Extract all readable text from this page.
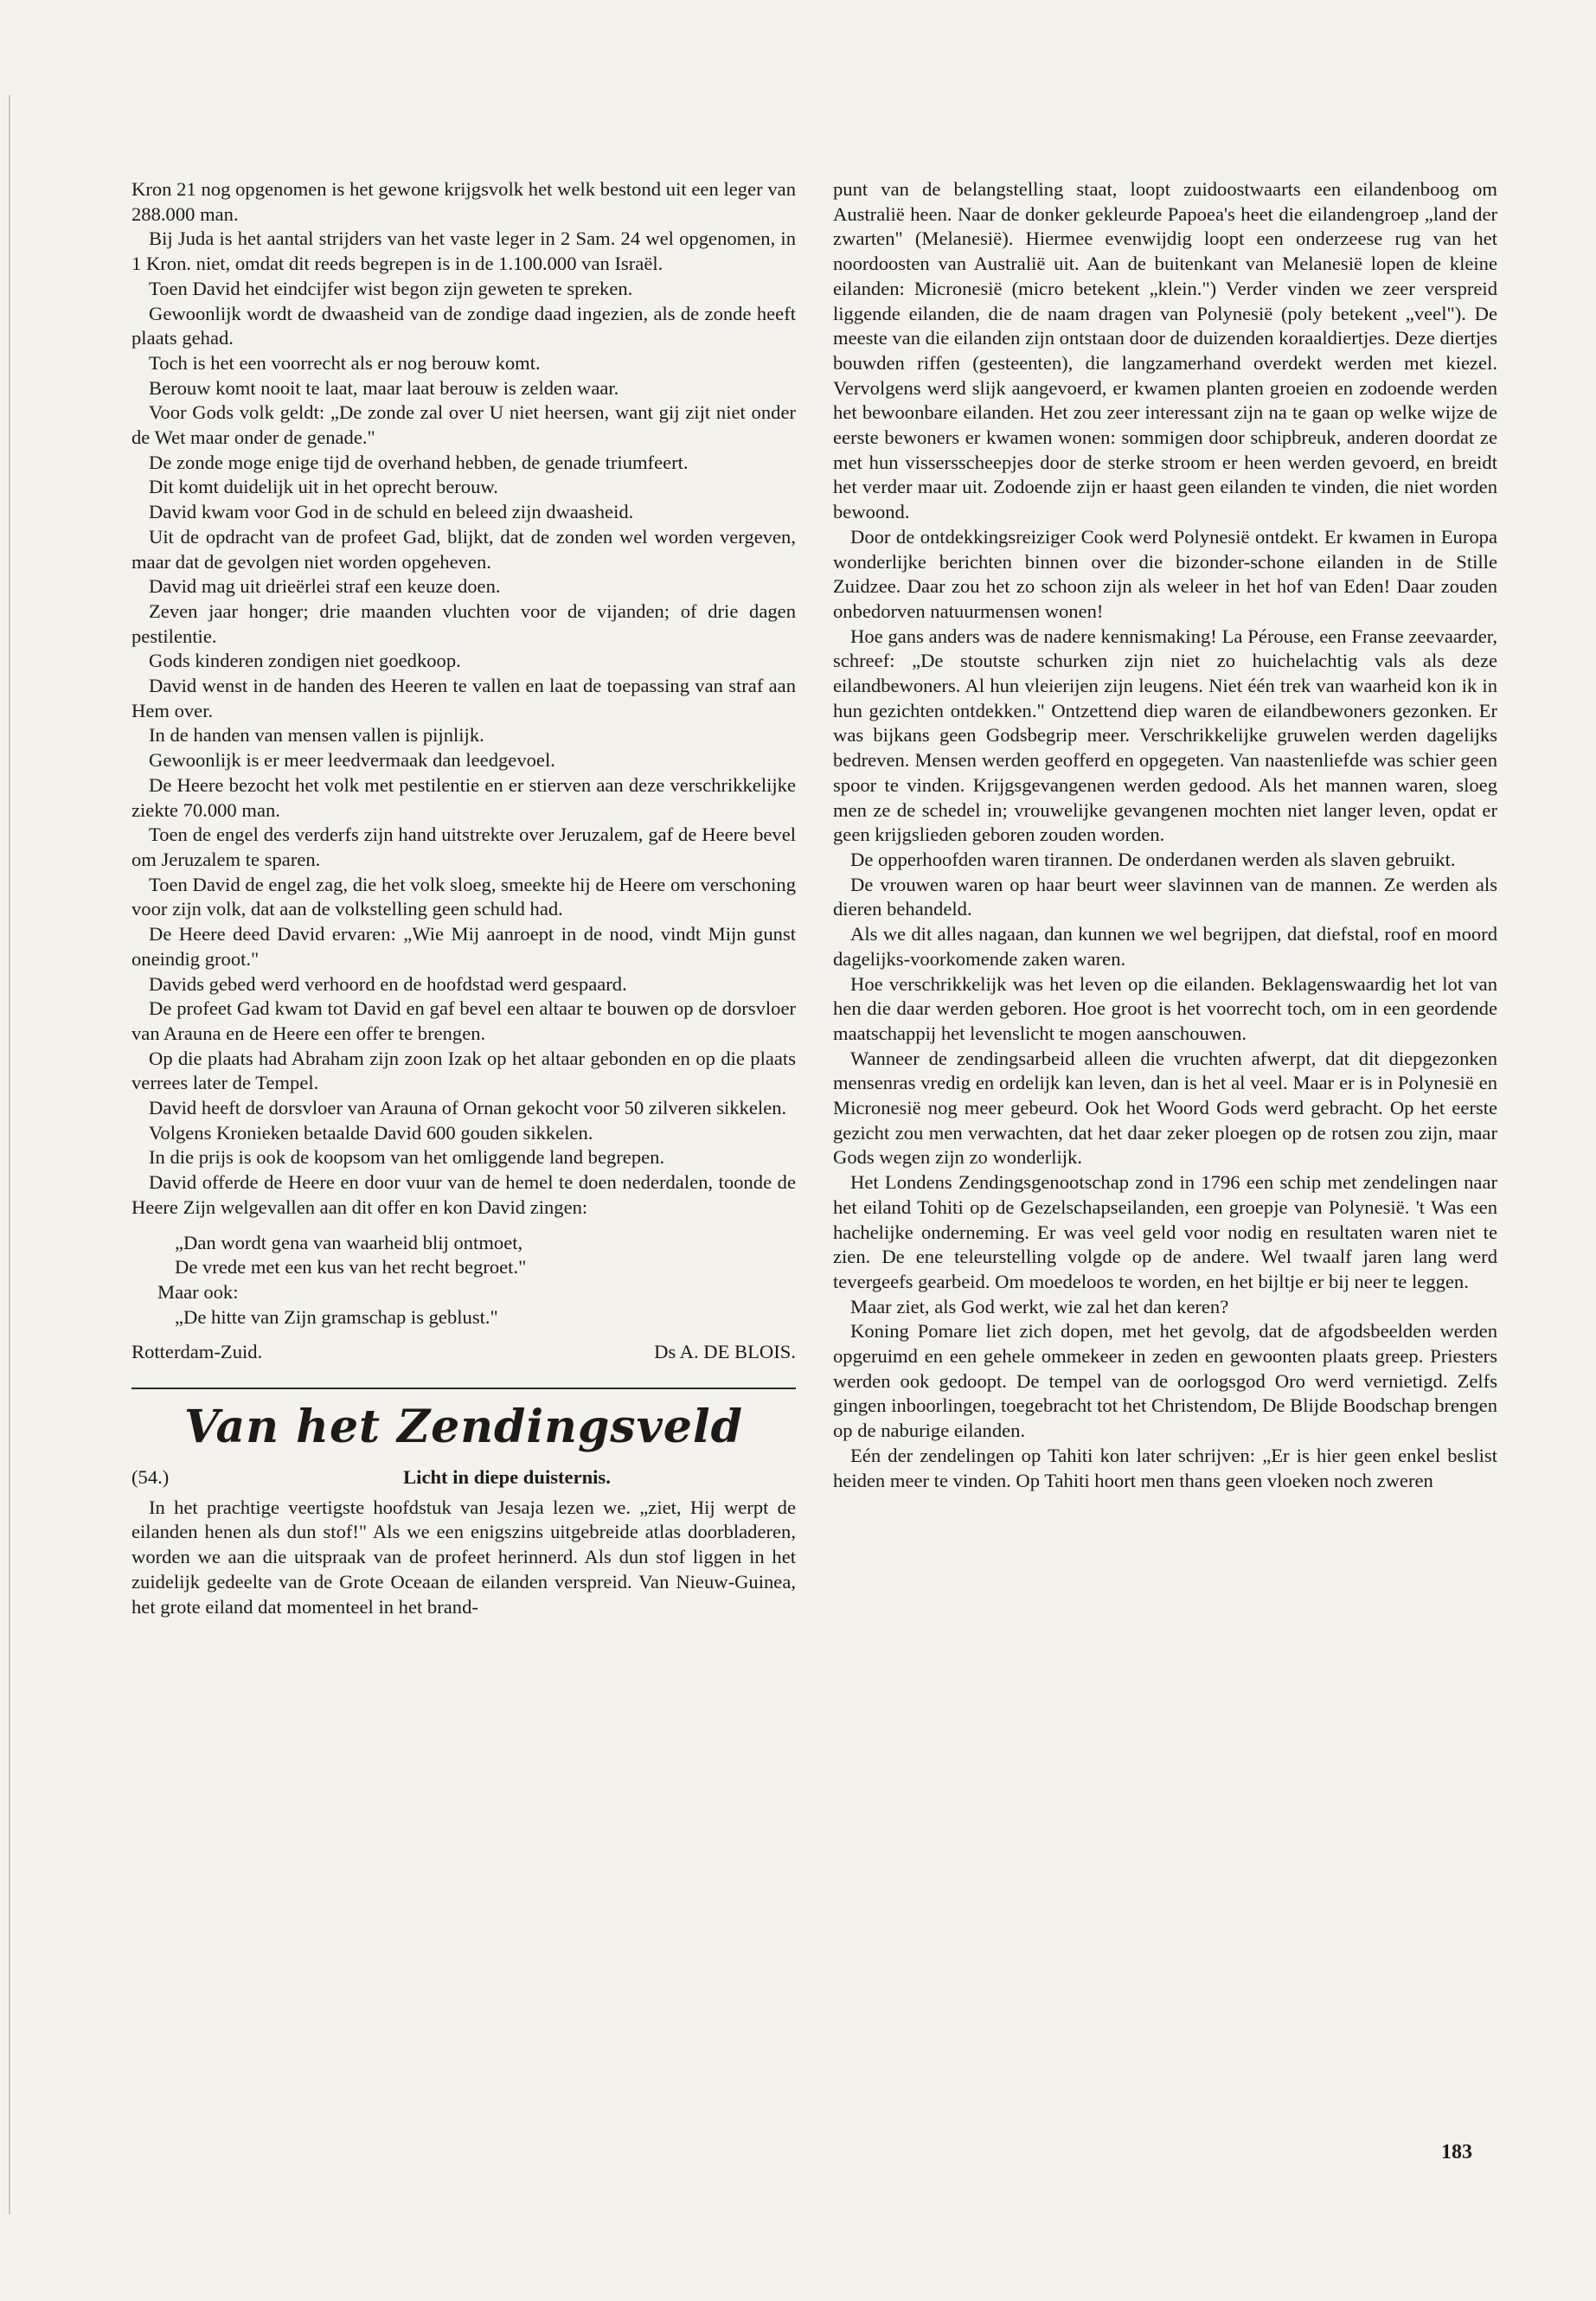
Kron 21 nog opgenomen is het gewone krijgsvolk het welk bestond uit een leger van 288.000 man.

Bij Juda is het aantal strijders van het vaste leger in 2 Sam. 24 wel opgenomen, in 1 Kron. niet, omdat dit reeds begrepen is in de 1.100.000 van Israël.

Toen David het eindcijfer wist begon zijn geweten te spreken.

Gewoonlijk wordt de dwaasheid van de zondige daad ingezien, als de zonde heeft plaats gehad.

Toch is het een voorrecht als er nog berouw komt.

Berouw komt nooit te laat, maar laat berouw is zelden waar.

Voor Gods volk geldt: „De zonde zal over U niet heersen, want gij zijt niet onder de Wet maar onder de genade."

De zonde moge enige tijd de overhand hebben, de genade triumfeert.

Dit komt duidelijk uit in het oprecht berouw.

David kwam voor God in de schuld en beleed zijn dwaasheid.

Uit de opdracht van de profeet Gad, blijkt, dat de zonden wel worden vergeven, maar dat de gevolgen niet worden opgeheven.

David mag uit drieërlei straf een keuze doen.

Zeven jaar honger; drie maanden vluchten voor de vijanden; of drie dagen pestilentie.

Gods kinderen zondigen niet goedkoop.

David wenst in de handen des Heeren te vallen en laat de toepassing van straf aan Hem over.

In de handen van mensen vallen is pijnlijk.

Gewoonlijk is er meer leedvermaak dan leedgevoel.

De Heere bezocht het volk met pestilentie en er stierven aan deze verschrikkelijke ziekte 70.000 man.

Toen de engel des verderfs zijn hand uitstrekte over Jeruzalem, gaf de Heere bevel om Jeruzalem te sparen.

Toen David de engel zag, die het volk sloeg, smeekte hij de Heere om verschoning voor zijn volk, dat aan de volkstelling geen schuld had.

De Heere deed David ervaren: „Wie Mij aanroept in de nood, vindt Mijn gunst oneindig groot."

Davids gebed werd verhoord en de hoofdstad werd gespaard.

De profeet Gad kwam tot David en gaf bevel een altaar te bouwen op de dorsvloer van Arauna en de Heere een offer te brengen.

Op die plaats had Abraham zijn zoon Izak op het altaar gebonden en op die plaats verrees later de Tempel.

David heeft de dorsvloer van Arauna of Ornan gekocht voor 50 zilveren sikkelen.

Volgens Kronieken betaalde David 600 gouden sikkelen.

In die prijs is ook de koopsom van het omliggende land begrepen.

David offerde de Heere en door vuur van de hemel te doen nederdalen, toonde de Heere Zijn welgevallen aan dit offer en kon David zingen:

„Dan wordt gena van waarheid blij ontmoet,

De vrede met een kus van het recht begroet."

Maar ook:

„De hitte van Zijn gramschap is geblust."

Rotterdam-Zuid.	Ds A. DE BLOIS.
Van het Zendingsveld
(54.)	Licht in diepe duisternis.

In het prachtige veertigste hoofdstuk van Jesaja lezen we. „ziet, Hij werpt de eilanden henen als dun stof!" Als we een enigszins uitgebreide atlas doorbladeren, worden we aan die uitspraak van de profeet herinnerd. Als dun stof liggen in het zuidelijk gedeelte van de Grote Oceaan de eilanden verspreid. Van Nieuw-Guinea, het grote eiland dat momenteel in het brand-

punt van de belangstelling staat, loopt zuidoostwaarts een eilandenboog om Australië heen. Naar de donker gekleurde Papoea's heet die eilandengroep „land der zwarten" (Melanesië). Hiermee evenwijdig loopt een onderzeese rug van het noordoosten van Australië uit. Aan de buitenkant van Melanesië lopen de kleine eilanden: Micronesië (micro betekent „klein.") Verder vinden we zeer verspreid liggende eilanden, die de naam dragen van Polynesië (poly betekent „veel"). De meeste van die eilanden zijn ontstaan door de duizenden koraaldiertjes. Deze diertjes bouwden riffen (gesteenten), die langzamerhand overdekt werden met kiezel. Vervolgens werd slijk aangevoerd, er kwamen planten groeien en zodoende werden het bewoonbare eilanden. Het zou zeer interessant zijn na te gaan op welke wijze de eerste bewoners er kwamen wonen: sommigen door schipbreuk, anderen doordat ze met hun vissersscheepjes door de sterke stroom er heen werden gevoerd, en breidt het verder maar uit. Zodoende zijn er haast geen eilanden te vinden, die niet worden bewoond.

Door de ontdekkingsreiziger Cook werd Polynesië ontdekt. Er kwamen in Europa wonderlijke berichten binnen over die bizonder-schone eilanden in de Stille Zuidzee. Daar zou het zo schoon zijn als weleer in het hof van Eden! Daar zouden onbedorven natuurmensen wonen!

Hoe gans anders was de nadere kennismaking! La Pérouse, een Franse zeevaarder, schreef: „De stoutste schurken zijn niet zo huichelachtig vals als deze eilandbewoners. Al hun vleierijen zijn leugens. Niet één trek van waarheid kon ik in hun gezichten ontdekken." Ontzettend diep waren de eilandbewoners gezonken. Er was bijkans geen Godsbegrip meer. Verschrikkelijke gruwelen werden dagelijks bedreven. Mensen werden geofferd en opgegeten. Van naastenliefde was schier geen spoor te vinden. Krijgsgevangenen werden gedood. Als het mannen waren, sloeg men ze de schedel in; vrouwelijke gevangenen mochten niet langer leven, opdat er geen krijgslieden geboren zouden worden.

De opperhoofden waren tirannen. De onderdanen werden als slaven gebruikt.

De vrouwen waren op haar beurt weer slavinnen van de mannen. Ze werden als dieren behandeld.

Als we dit alles nagaan, dan kunnen we wel begrijpen, dat diefstal, roof en moord dagelijks-voorkomende zaken waren.

Hoe verschrikkelijk was het leven op die eilanden. Beklagenswaardig het lot van hen die daar werden geboren. Hoe groot is het voorrecht toch, om in een geordende maatschappij het levenslicht te mogen aanschouwen.

Wanneer de zendingsarbeid alleen die vruchten afwerpt, dat dit diepgezonken mensenras vredig en ordelijk kan leven, dan is het al veel. Maar er is in Polynesië en Micronesië nog meer gebeurd. Ook het Woord Gods werd gebracht. Op het eerste gezicht zou men verwachten, dat het daar zeker ploegen op de rotsen zou zijn, maar Gods wegen zijn zo wonderlijk.

Het Londens Zendingsgenootschap zond in 1796 een schip met zendelingen naar het eiland Tohiti op de Gezelschapseilanden, een groepje van Polynesië. 't Was een hachelijke onderneming. Er was veel geld voor nodig en resultaten waren niet te zien. De ene teleurstelling volgde op de andere. Wel twaalf jaren lang werd tevergeefs gearbeid. Om moedeloos te worden, en het bijltje er bij neer te leggen.

Maar ziet, als God werkt, wie zal het dan keren?

Koning Pomare liet zich dopen, met het gevolg, dat de afgodsbeelden werden opgeruimd en een gehele ommekeer in zeden en gewoonten plaats greep. Priesters werden ook gedoopt. De tempel van de oorlogsgod Oro werd vernietigd. Zelfs gingen inboorlingen, toegebracht tot het Christendom, De Blijde Boodschap brengen op de naburige eilanden.

Eén der zendelingen op Tahiti kon later schrijven: „Er is hier geen enkel beslist heiden meer te vinden. Op Tahiti hoort men thans geen vloeken noch zweren

183
